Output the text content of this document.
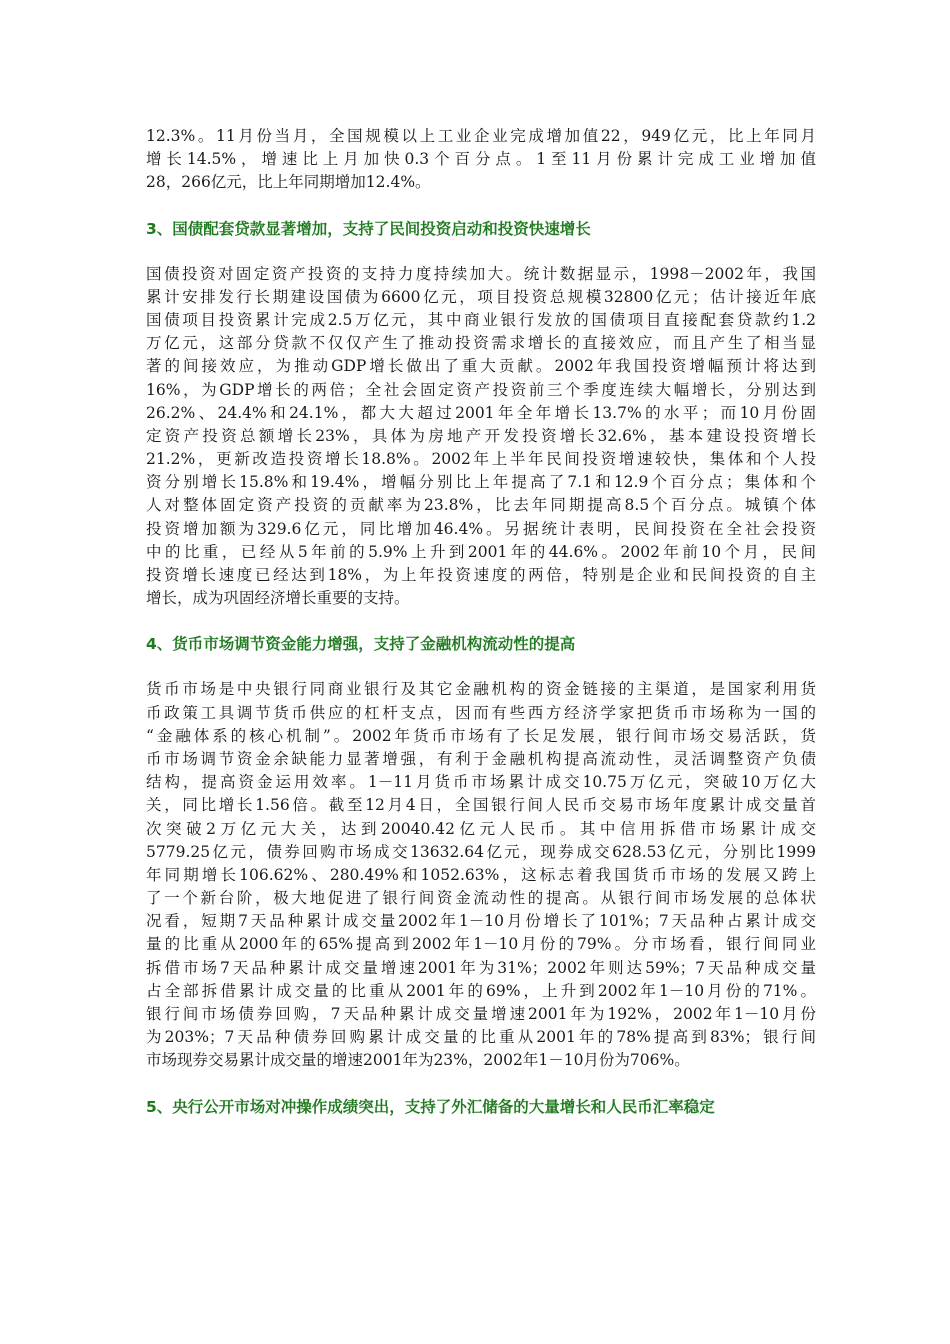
12.3%。11月份当月，全国规模以上工业企业完成增加值22，949亿元，比上年同月
增长14.5%，增速比上月加快0.3个百分点。1至11月份累计完成工业增加值
28，266亿元，比上年同期增加12.4%。
3、国债配套贷款显著增加，支持了民间投资启动和投资快速增长
国债投资对固定资产投资的支持力度持续加大。统计数据显示，1998－2002年，我国
累计安排发行长期建设国债为6600亿元，项目投资总规模32800亿元；估计接近年底
国债项目投资累计完成2.5万亿元，其中商业银行发放的国债项目直接配套贷款约1.2
万亿元，这部分贷款不仅仅产生了推动投资需求增长的直接效应，而且产生了相当显
著的间接效应，为推动GDP增长做出了重大贡献。2002年我国投资增幅预计将达到
16%，为GDP增长的两倍；全社会固定资产投资前三个季度连续大幅增长，分别达到
26.2%、24.4%和24.1%，都大大超过2001年全年增长13.7%的水平；而10月份固
定资产投资总额增长23%，具体为房地产开发投资增长32.6%，基本建设投资增长
21.2%，更新改造投资增长18.8%。2002年上半年民间投资增速较快，集体和个人投
资分别增长15.8%和19.4%，增幅分别比上年提高了7.1和12.9个百分点；集体和个
人对整体固定资产投资的贡献率为23.8%，比去年同期提高8.5个百分点。城镇个体
投资增加额为329.6亿元，同比增加46.4%。另据统计表明，民间投资在全社会投资
中的比重，已经从5年前的5.9%上升到2001年的44.6%。2002年前10个月，民间
投资增长速度已经达到18%，为上年投资速度的两倍，特别是企业和民间投资的自主
增长，成为巩固经济增长重要的支持。
4、货币市场调节资金能力增强，支持了金融机构流动性的提高
货币市场是中央银行同商业银行及其它金融机构的资金链接的主渠道，是国家利用货
币政策工具调节货币供应的杠杆支点，因而有些西方经济学家把货币市场称为一国的
“金融体系的核心机制”。2002年货币市场有了长足发展，银行间市场交易活跃，货
币市场调节资金余缺能力显著增强，有利于金融机构提高流动性，灵活调整资产负债
结构，提高资金运用效率。1－11月货币市场累计成交10.75万亿元，突破10万亿大
关，同比增长1.56倍。截至12月4日，全国银行间人民币交易市场年度累计成交量首
次突破2万亿元大关，达到20040.42亿元人民币。其中信用拆借市场累计成交
5779.25亿元，债券回购市场成交13632.64亿元，现券成交628.53亿元，分别比1999
年同期增长106.62%、280.49%和1052.63%，这标志着我国货币市场的发展又跨上
了一个新台阶，极大地促进了银行间资金流动性的提高。从银行间市场发展的总体状
况看，短期7天品种累计成交量2002年1－10月份增长了101%；7天品种占累计成交
量的比重从2000年的65%提高到2002年1－10月份的79%。分市场看，银行间同业
拆借市场7天品种累计成交量增速2001年为31%；2002年则达59%；7天品种成交量
占全部拆借累计成交量的比重从2001年的69%，上升到2002年1－10月份的71%。
银行间市场债券回购，7天品种累计成交量增速2001年为192%，2002年1－10月份
为203%；7天品种债券回购累计成交量的比重从2001年的78%提高到83%；银行间
市场现券交易累计成交量的增速2001年为23%，2002年1－10月份为706%。
5、央行公开市场对冲操作成绩突出，支持了外汇储备的大量增长和人民币汇率稳定
